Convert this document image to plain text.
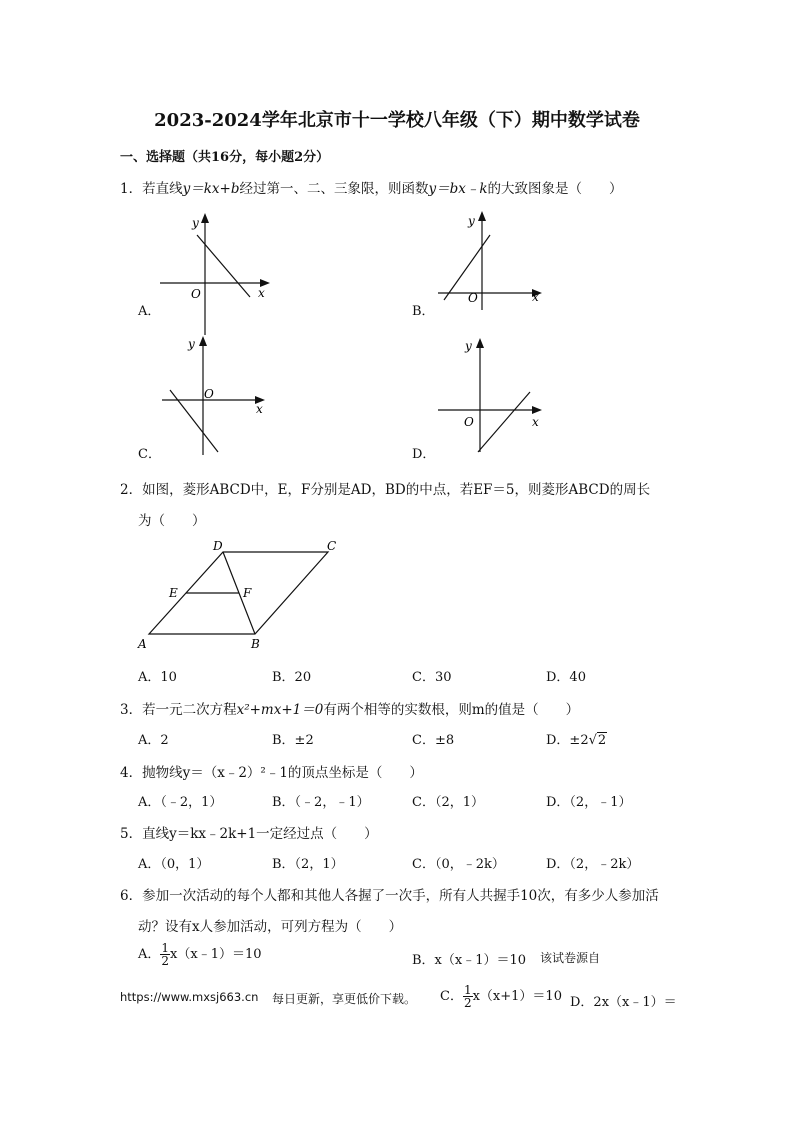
2023-2024学年北京市十一学校八年级（下）期中数学试卷
一、选择题（共16分，每小题2分）
1．若直线y＝kx+b经过第一、二、三象限，则函数y＝bx﹣k的大致图象是（　　）
A．	B．
C．	D．
x
y
O	x
y
O
x
y
O
x
y
O
2．如图，菱形ABCD中，E，F分别是AD，BD的中点，若EF＝5，则菱形ABCD的周长
为（　　）
A	B
C
D
E	F
A．10	B．20	C．30	D．40
3．若一元二次方程x²+mx+1＝0有两个相等的实数根，则m的值是（　　）
A．2	B．±2	C．±8	D．±2√2
4．抛物线y＝（x﹣2）²﹣1的顶点坐标是（　　）
A．（﹣2，1）	B．（﹣2，﹣1）	C．（2，1）	D．（2，﹣1）
5．直线y＝kx﹣2k+1一定经过点（　　）
A．（0，1）	B．（2，1）	C．（0，﹣2k）	D．（2，﹣2k）
6．参加一次活动的每个人都和其他人各握了一次手，所有人共握手10次，有多少人参加活
动？设有x人参加活动，可列方程为（　　）
A． $\frac{1}{2}$ x（x﹣1）＝10	B．x（x﹣1）＝10 该试卷源自
https://www.mxsj663.cn 每日更新，享更低价下载。 C． $\frac{1}{2} x(x+1)=10$ D．2x（x﹣1）＝
